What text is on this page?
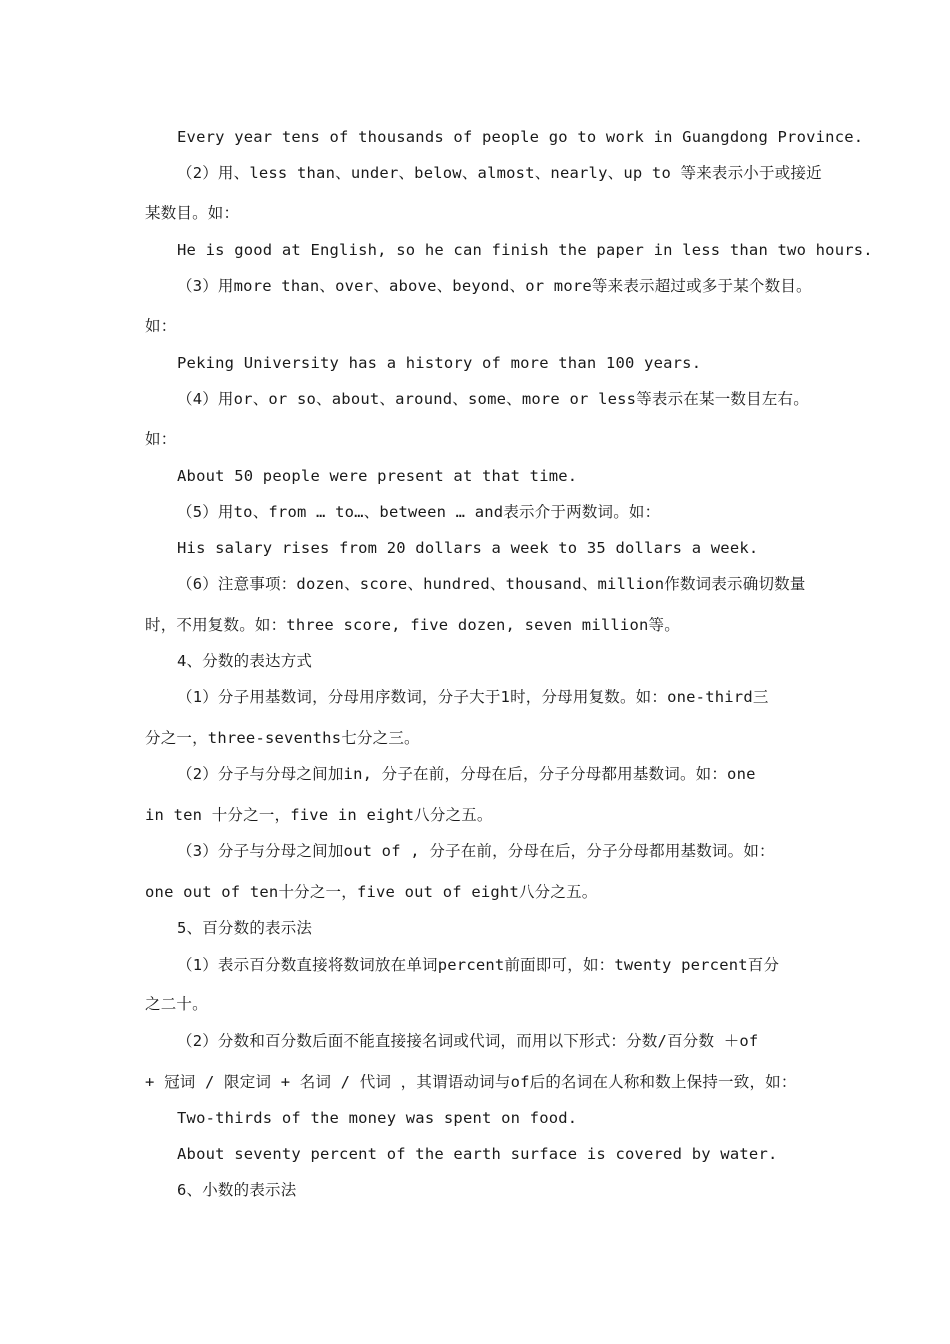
Every year tens of thousands of people go to work in Guangdong Province.
（2）用、less than、under、below、almost、nearly、up to 等来表示小于或接近
某数目。如：
He is good at English, so he can finish the paper in less than two hours.
（3）用more than、over、above、beyond、or more等来表示超过或多于某个数目。
如：
Peking University has a history of more than 100 years.
（4）用or、or so、about、around、some、more or less等表示在某一数目左右。
如：
About 50 people were present at that time.
（5）用to、from … to…、between … and表示介于两数词。如：
His salary rises from 20 dollars a week to 35 dollars a week.
（6）注意事项：dozen、score、hundred、thousand、million作数词表示确切数量
时，不用复数。如：three score, five dozen, seven million等。
4、分数的表达方式
（1）分子用基数词，分母用序数词，分子大于1时，分母用复数。如：one-third三
分之一，three-sevenths七分之三。
（2）分子与分母之间加in, 分子在前，分母在后，分子分母都用基数词。如：one
in ten 十分之一，five in eight八分之五。
（3）分子与分母之间加out of , 分子在前，分母在后，分子分母都用基数词。如：
one out of ten十分之一，five out of eight八分之五。
5、百分数的表示法
（1）表示百分数直接将数词放在单词percent前面即可，如：twenty percent百分
之二十。
（2）分数和百分数后面不能直接接名词或代词，而用以下形式：分数/百分数 ＋of
+ 冠词 / 限定词 + 名词 / 代词 ，其谓语动词与of后的名词在人称和数上保持一致，如：
Two-thirds of the money was spent on food.
About seventy percent of the earth surface is covered by water.
6、小数的表示法
